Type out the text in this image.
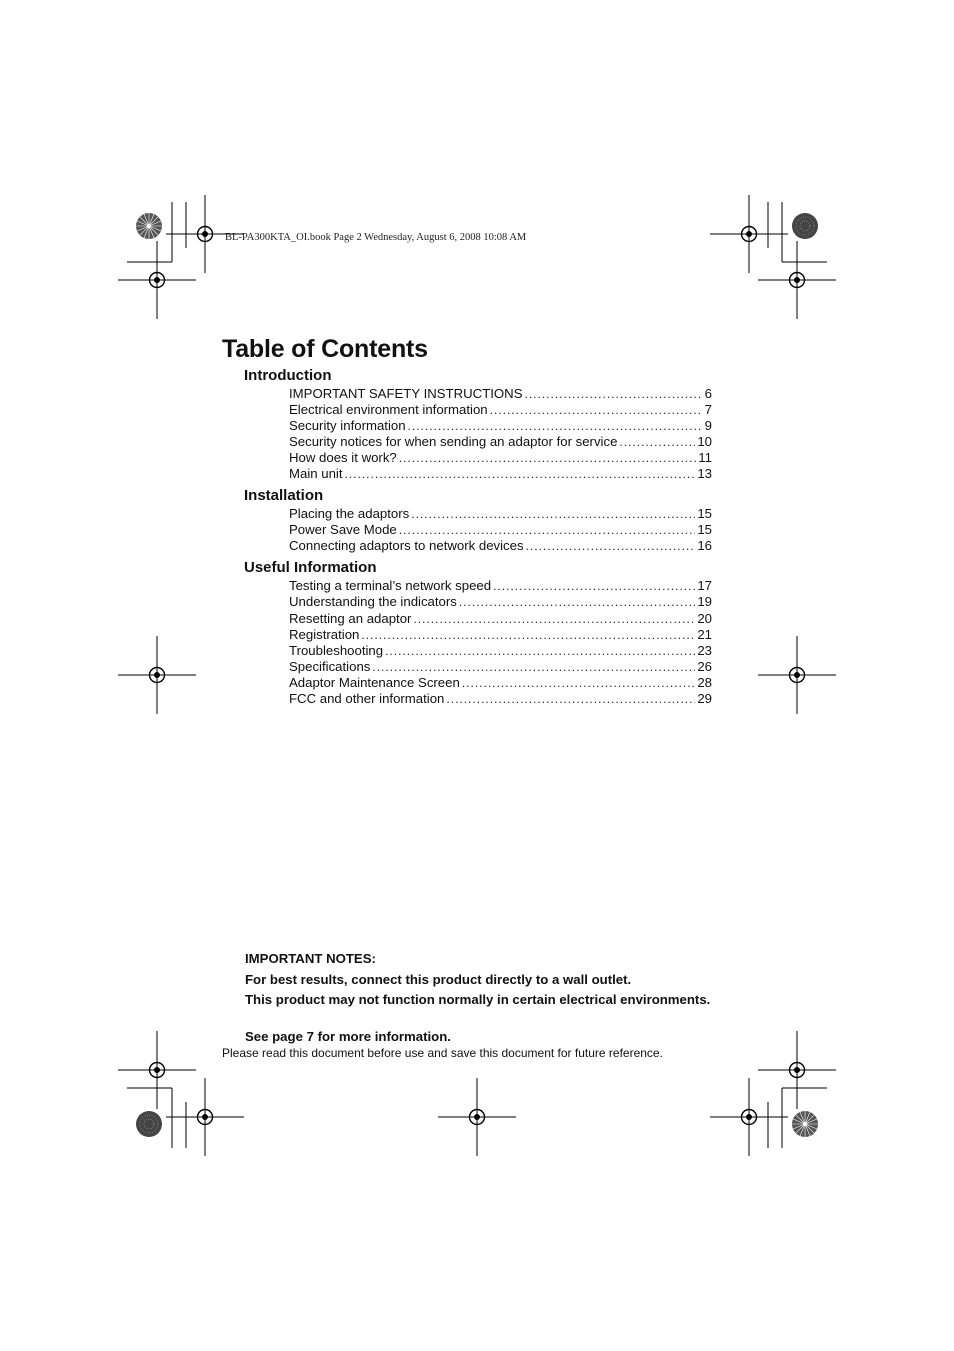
BL-PA300KTA_OI.book Page 2 Wednesday, August 6, 2008 10:08 AM
Table of Contents
Introduction
IMPORTANT SAFETY INSTRUCTIONS .....	6
Electrical environment information .....	7
Security information .....	9
Security notices for when sending an adaptor for service .....	10
How does it work? .....	11
Main unit .....	13
Installation
Placing the adaptors .....	15
Power Save Mode .....	15
Connecting adaptors to network devices .....	16
Useful Information
Testing a terminal’s network speed .....	17
Understanding the indicators .....	19
Resetting an adaptor .....	20
Registration .....	21
Troubleshooting .....	23
Specifications .....	26
Adaptor Maintenance Screen .....	28
FCC and other information .....	29
IMPORTANT NOTES:
For best results, connect this product directly to a wall outlet.
This product may not function normally in certain electrical environments.
See page 7 for more information.
Please read this document before use and save this document for future reference.
